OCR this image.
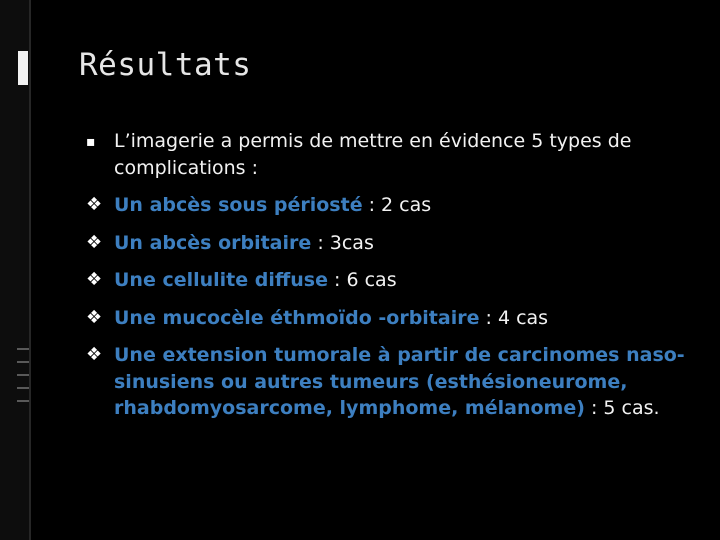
Résultats
▪ L’imagerie a permis de mettre en évidence 5 types de complications :
❖ Un abcès sous périosté : 2 cas
❖ Un abcès orbitaire : 3cas
❖ Une cellulite diffuse : 6 cas
❖ Une mucocèle éthmoïdo -orbitaire : 4 cas
❖ Une extension tumorale à partir de carcinomes naso-sinusiens ou autres tumeurs (esthésioneurome, rhabdomyosarcome, lymphome, mélanome) : 5 cas.
